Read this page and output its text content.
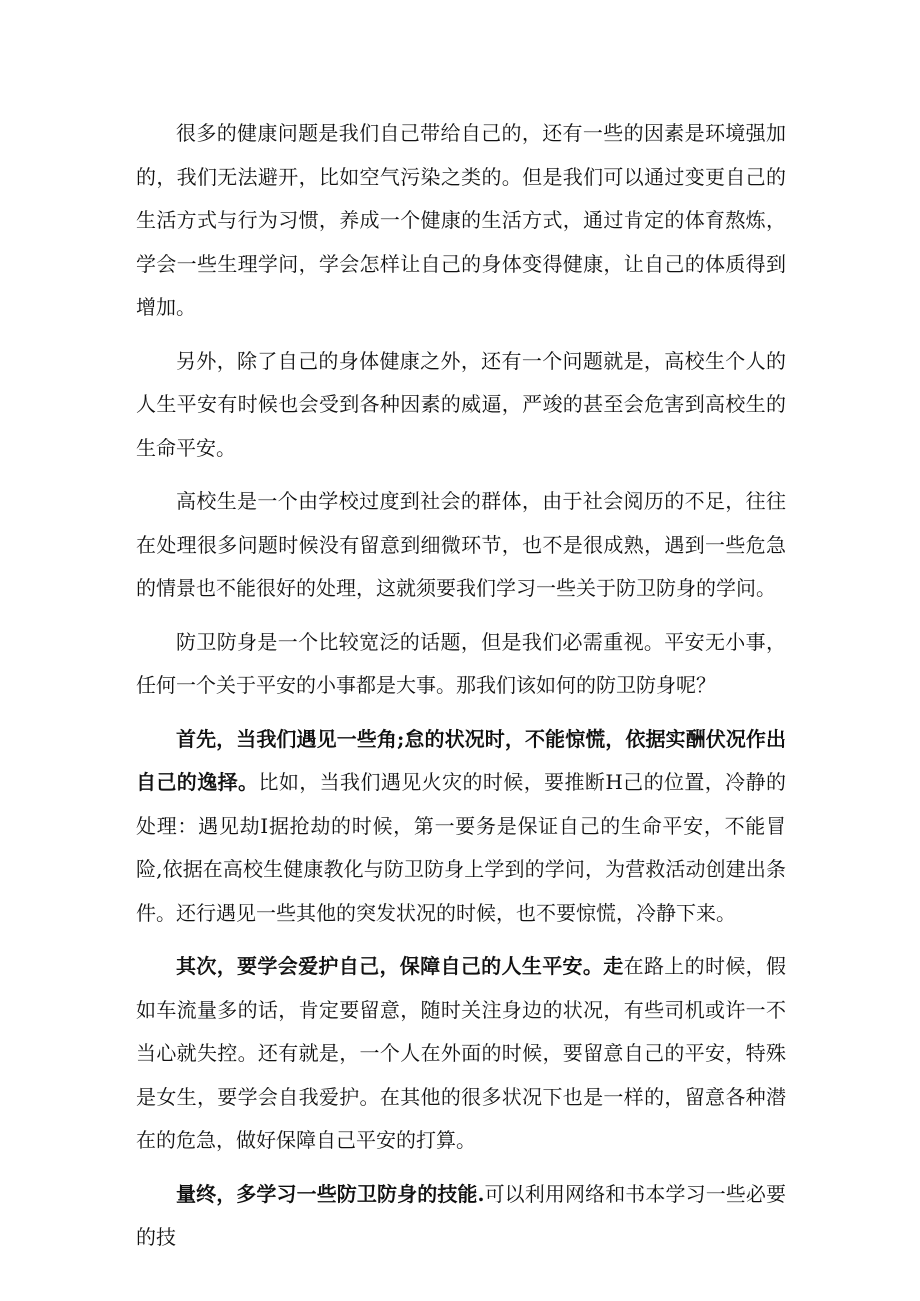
很多的健康问题是我们自己带给自己的，还有一些的因素是环境强加的，我们无法避开，比如空气污染之类的。但是我们可以通过变更自己的生活方式与行为习惯，养成一个健康的生活方式，通过肯定的体育熬炼，学会一些生理学问，学会怎样让自己的身体变得健康，让自己的体质得到增加。

另外，除了自己的身体健康之外，还有一个问题就是，高校生个人的人生平安有时候也会受到各种因素的威逼，严竣的甚至会危害到高校生的生命平安。

高校生是一个由学校过度到社会的群体，由于社会阅历的不足，往往在处理很多问题时候没有留意到细微环节，也不是很成熟，遇到一些危急的情景也不能很好的处理，这就须要我们学习一些关于防卫防身的学问。

防卫防身是一个比较宽泛的话题，但是我们必需重视。平安无小事，任何一个关于平安的小事都是大事。那我们该如何的防卫防身呢？

首先，当我们遇见一些角;怠的状况时，不能惊慌，依据实酬伏况作出自己的逸择。比如，当我们遇见火灾的时候，要推断H己的位置，冷静的处理：遇见劫I据抢劫的时候，第一要务是保证自己的生命平安，不能冒险,依据在高校生健康教化与防卫防身上学到的学问，为营救活动创建出条件。还行遇见一些其他的突发状况的时候，也不要惊慌，冷静下来。

其次，要学会爱护自己，保障自己的人生平安。走在路上的时候，假如车流量多的话，肯定要留意，随时关注身边的状况，有些司机或许一不当心就失控。还有就是，一个人在外面的时候，要留意自己的平安，特殊是女生，要学会自我爱护。在其他的很多状况下也是一样的，留意各种潜在的危急，做好保障自己平安的打算。

量终，多学习一些防卫防身的技能.可以利用网络和书本学习一些必要的技
